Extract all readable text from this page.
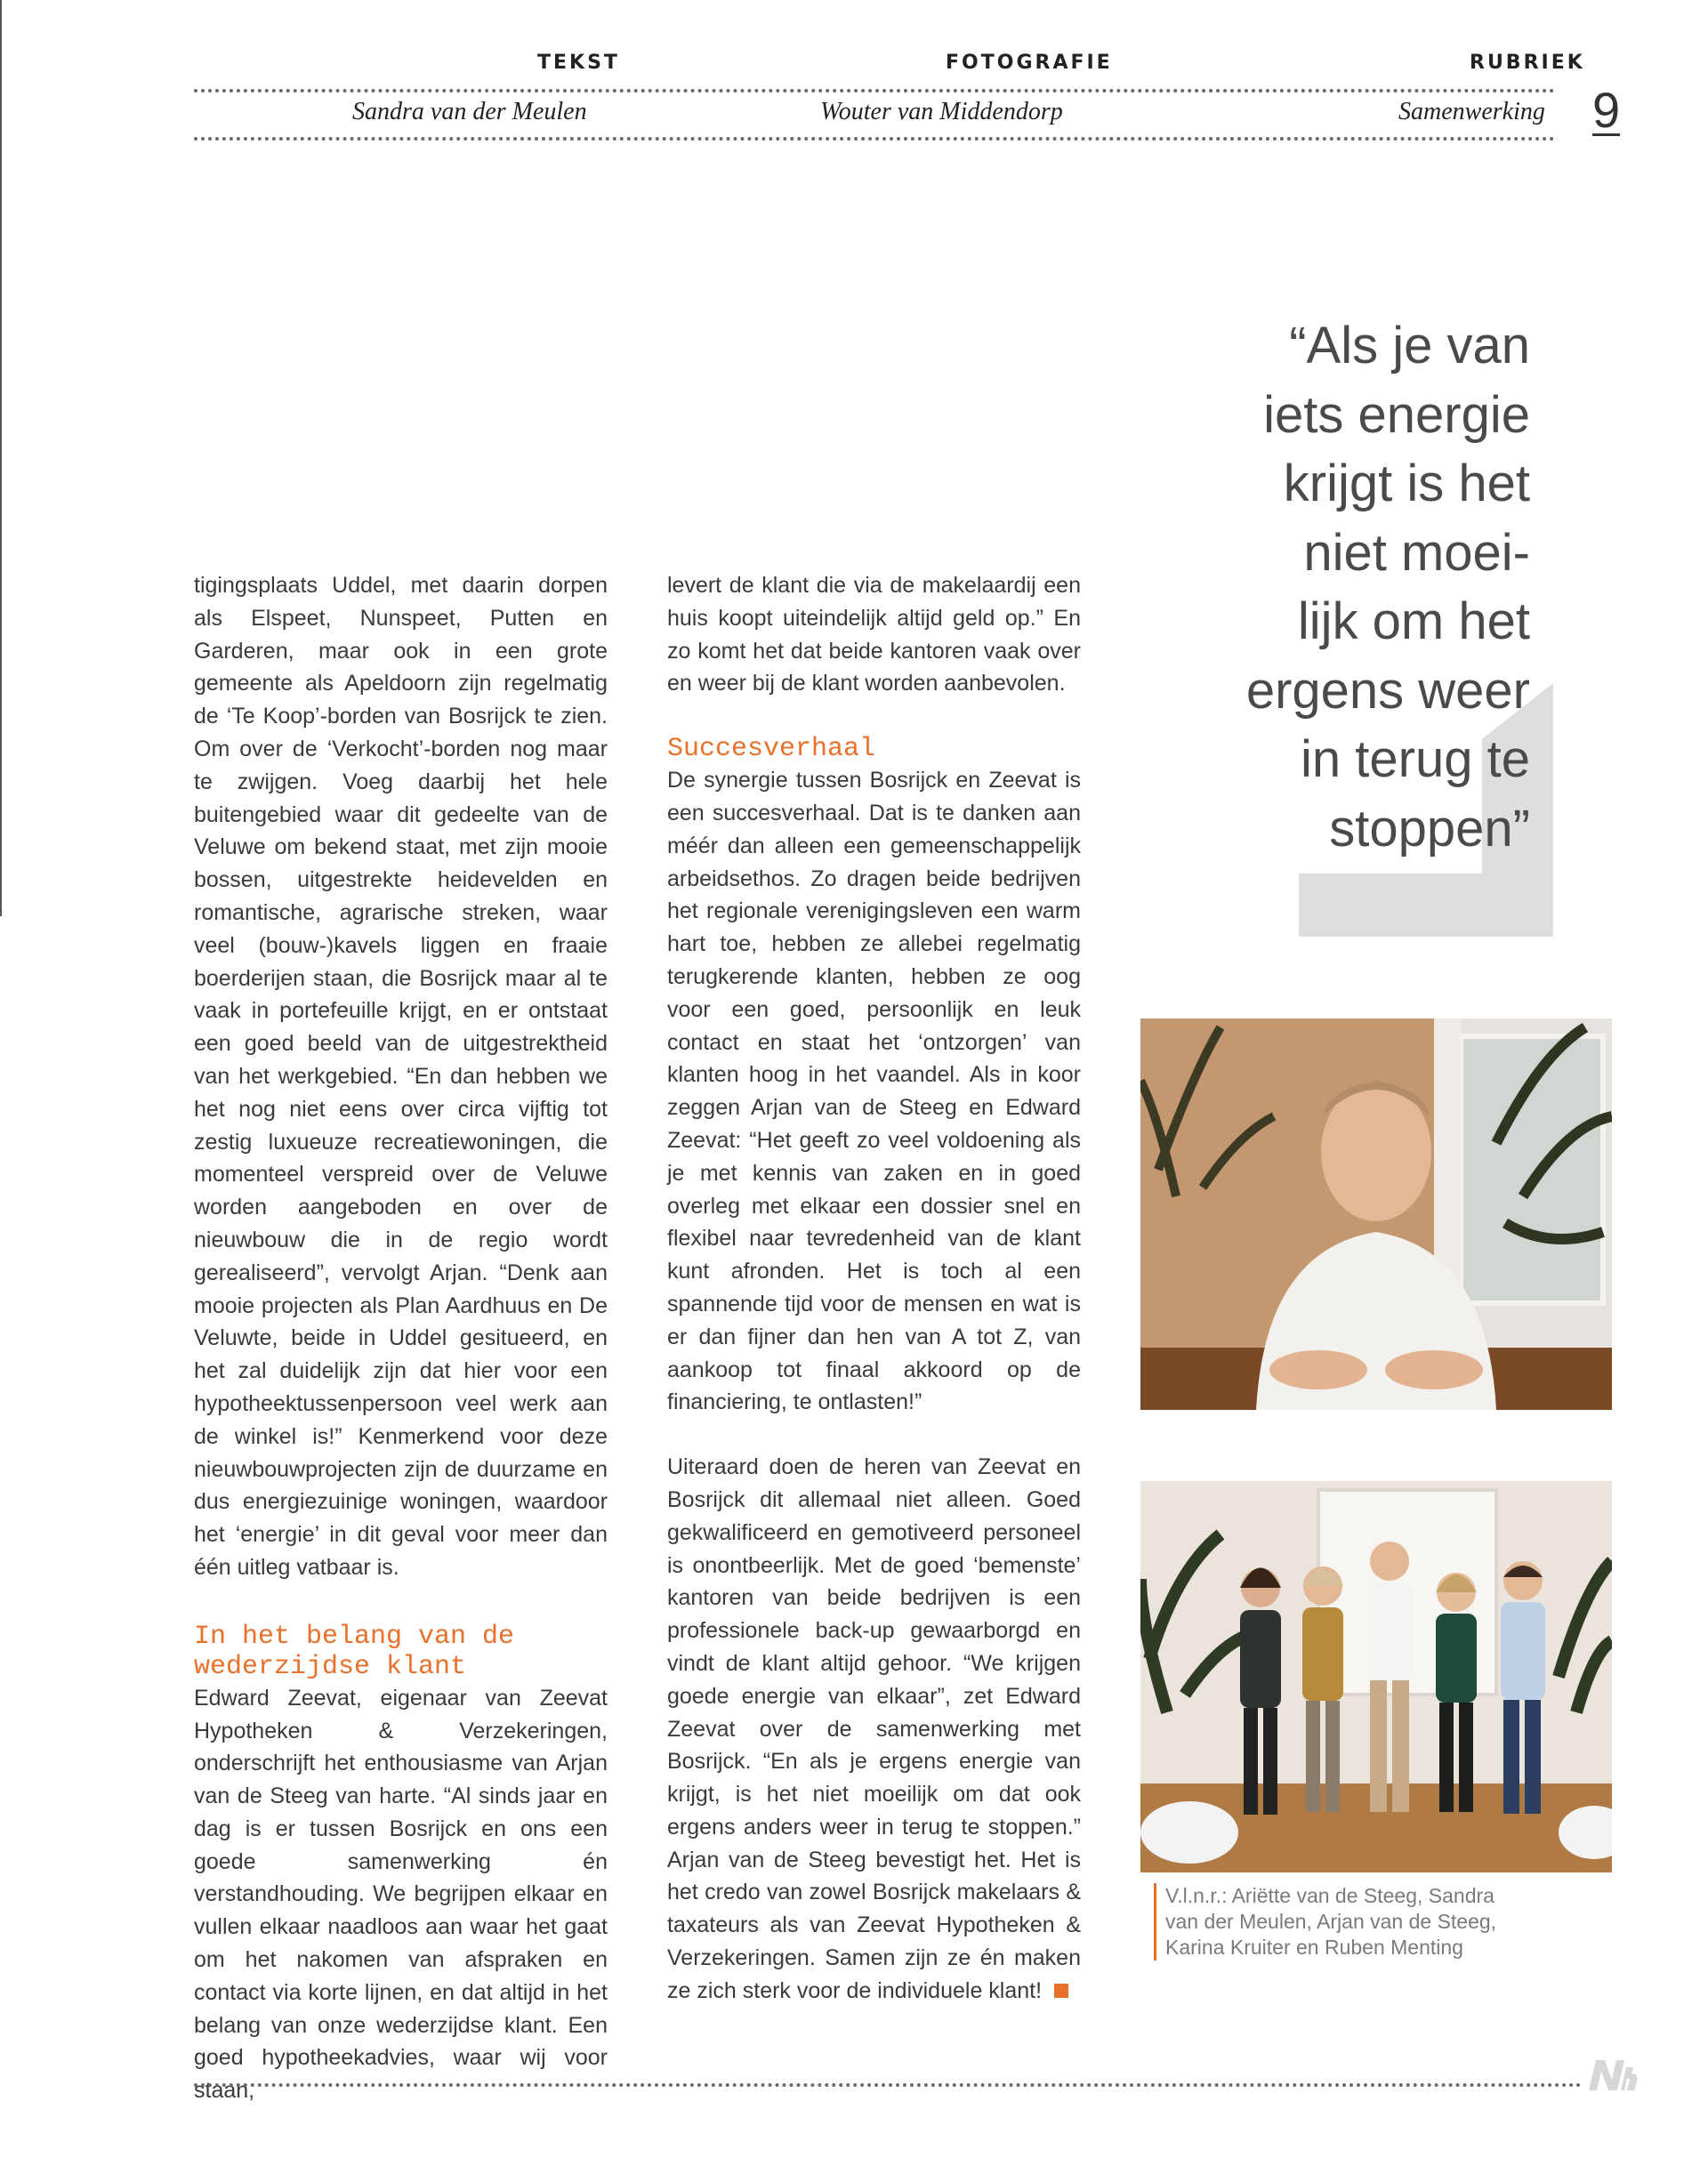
TEKST
Sandra van der Meulen
FOTOGRAFIE
Wouter van Middendorp
RUBRIEK
Samenwerking 9

tigingsplaats Uddel, met daarin dorpen als Elspeet, Nunspeet, Putten en Garderen, maar ook in een grote gemeente als Apeldoorn zijn regelmatig de ‘Te Koop’-borden van Bosrijck te zien. Om over de ‘Verkocht’-borden nog maar te zwijgen. Voeg daarbij het hele buitengebied waar dit gedeelte van de Veluwe om bekend staat, met zijn mooie bossen, uitgestrekte heidevelden en romantische, agrarische streken, waar veel (bouw-)kavels liggen en fraaie boerderijen staan, die Bosrijck maar al te vaak in portefeuille krijgt, en er ontstaat een goed beeld van de uitgestrektheid van het werkgebied. “En dan hebben we het nog niet eens over circa vijftig tot zestig luxueuze recreatiewoningen, die momenteel verspreid over de Veluwe worden aangeboden en over de nieuwbouw die in de regio wordt gerealiseerd”, vervolgt Arjan. “Denk aan mooie projecten als Plan Aardhuus en De Veluwte, beide in Uddel gesitueerd, en het zal duidelijk zijn dat hier voor een hypotheektussenpersoon veel werk aan de winkel is!” Kenmerkend voor deze nieuwbouwprojecten zijn de duurzame en dus energiezuinige woningen, waardoor het ‘energie’ in dit geval voor meer dan één uitleg vatbaar is.

In het belang van de wederzijdse klant

Edward Zeevat, eigenaar van Zeevat Hypotheken & Verzekeringen, onderschrijft het enthousiasme van Arjan van de Steeg van harte. “Al sinds jaar en dag is er tussen Bosrijck en ons een goede samenwerking én verstandhouding. We begrijpen elkaar en vullen elkaar naadloos aan waar het gaat om het nakomen van afspraken en contact via korte lijnen, en dat altijd in het belang van onze wederzijdse klant. Een goed hypotheekadvies, waar wij voor staan,

levert de klant die via de makelaardij een huis koopt uiteindelijk altijd geld op.” En zo komt het dat beide kantoren vaak over en weer bij de klant worden aanbevolen.

Succesverhaal

De synergie tussen Bosrijck en Zeevat is een succesverhaal. Dat is te danken aan méér dan alleen een gemeenschappelijk arbeidsethos. Zo dragen beide bedrijven het regionale verenigingsleven een warm hart toe, hebben ze allebei regelmatig terugkerende klanten, hebben ze oog voor een goed, persoonlijk en leuk contact en staat het ‘ontzorgen’ van klanten hoog in het vaandel. Als in koor zeggen Arjan van de Steeg en Edward Zeevat: “Het geeft zo veel voldoening als je met kennis van zaken en in goed overleg met elkaar een dossier snel en flexibel naar tevredenheid van de klant kunt afronden. Het is toch al een spannende tijd voor de mensen en wat is er dan fijner dan hen van A tot Z, van aankoop tot finaal akkoord op de financiering, te ontlasten!”

Uiteraard doen de heren van Zeevat en Bosrijck dit allemaal niet alleen. Goed gekwalificeerd en gemotiveerd personeel is onontbeerlijk. Met de goed ‘bemenste’ kantoren van beide bedrijven is een professionele back-up gewaarborgd en vindt de klant altijd gehoor. “We krijgen goede energie van elkaar”, zet Edward Zeevat over de samenwerking met Bosrijck. “En als je ergens energie van krijgt, is het niet moeilijk om dat ook ergens anders weer in terug te stoppen.” Arjan van de Steeg bevestigt het. Het is het credo van zowel Bosrijck makelaars & taxateurs als van Zeevat Hypotheken & Verzekeringen. Samen zijn ze én maken ze zich sterk voor de individuele klant!

“Als je van
iets energie
krijgt is het
niet moei-
lijk om het
ergens weer
in terug te
stoppen”
V.l.n.r.: Ariëtte van de Steeg, Sandra
van der Meulen, Arjan van de Steeg,
Karina Kruiter en Ruben Menting
